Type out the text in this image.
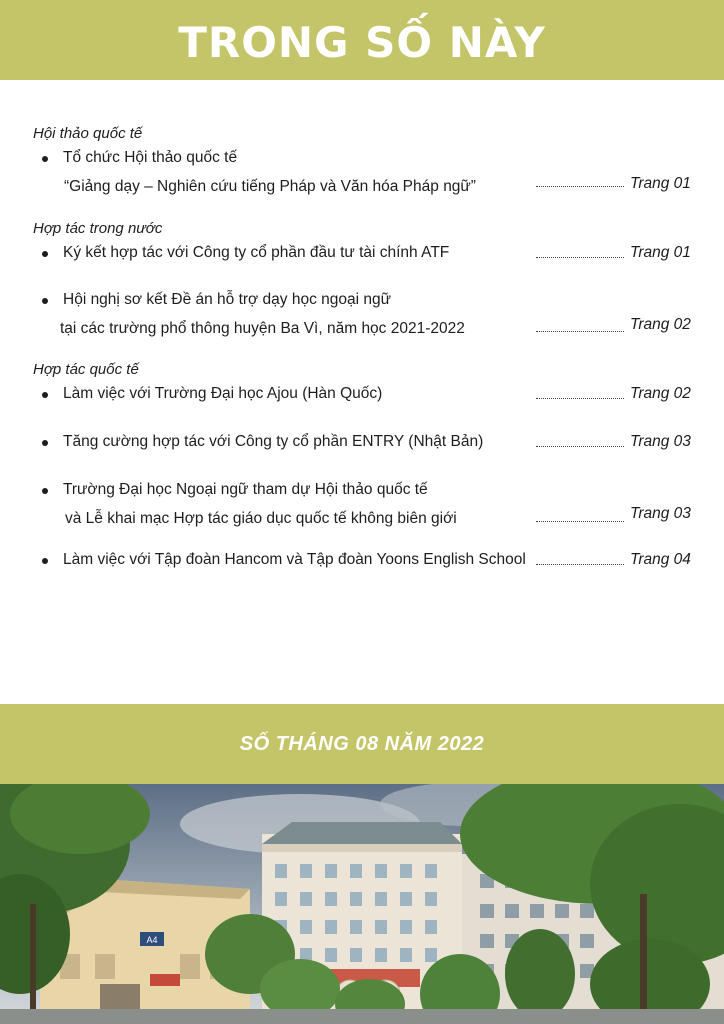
TRONG SỐ NÀY
Hội thảo quốc tế
Tổ chức Hội thảo quốc tế
“Giảng dạy – Nghiên cứu tiếng Pháp và Văn hóa Pháp ngữ”	Trang 01
Hợp tác trong nước
Ký kết hợp tác với Công ty cổ phần đầu tư tài chính ATF	Trang 01
Hội nghị sơ kết Đề án hỗ trợ dạy học ngoại ngữ
tại các trường phổ thông huyện Ba Vì, năm học 2021-2022	Trang 02
Hợp tác quốc tế
Làm việc với Trường Đại học Ajou (Hàn Quốc)	Trang 02
Tăng cường hợp tác với Công ty cổ phần ENTRY (Nhật Bản)	Trang 03
Trường Đại học Ngoại ngữ tham dự Hội thảo quốc tế
và Lễ khai mạc Hợp tác giáo dục quốc tế không biên giới	Trang 03
Làm việc với Tập đoàn Hancom và Tập đoàn Yoons English School	Trang 04
SỐ THÁNG 08 NĂM 2022
A4
